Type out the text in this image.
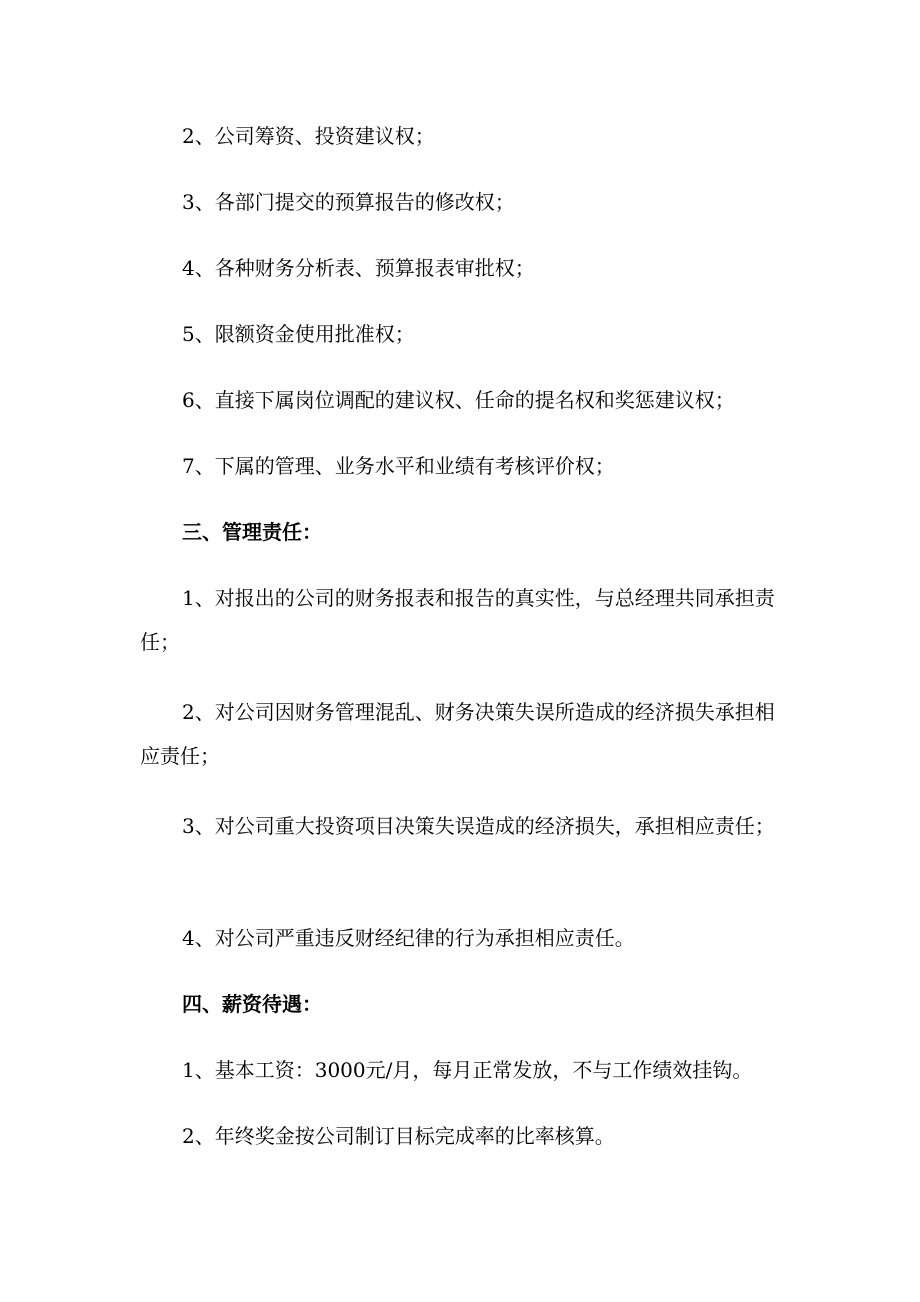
2、公司筹资、投资建议权；

3、各部门提交的预算报告的修改权；

4、各种财务分析表、预算报表审批权；

5、限额资金使用批准权；

6、直接下属岗位调配的建议权、任命的提名权和奖惩建议权；

7、下属的管理、业务水平和业绩有考核评价权；

三、管理责任：

1、对报出的公司的财务报表和报告的真实性，与总经理共同承担责任；

2、对公司因财务管理混乱、财务决策失误所造成的经济损失承担相应责任；

3、对公司重大投资项目决策失误造成的经济损失，承担相应责任；

4、对公司严重违反财经纪律的行为承担相应责任。

四、薪资待遇：

1、基本工资：3000元/月，每月正常发放，不与工作绩效挂钩。

2、年终奖金按公司制订目标完成率的比率核算。
